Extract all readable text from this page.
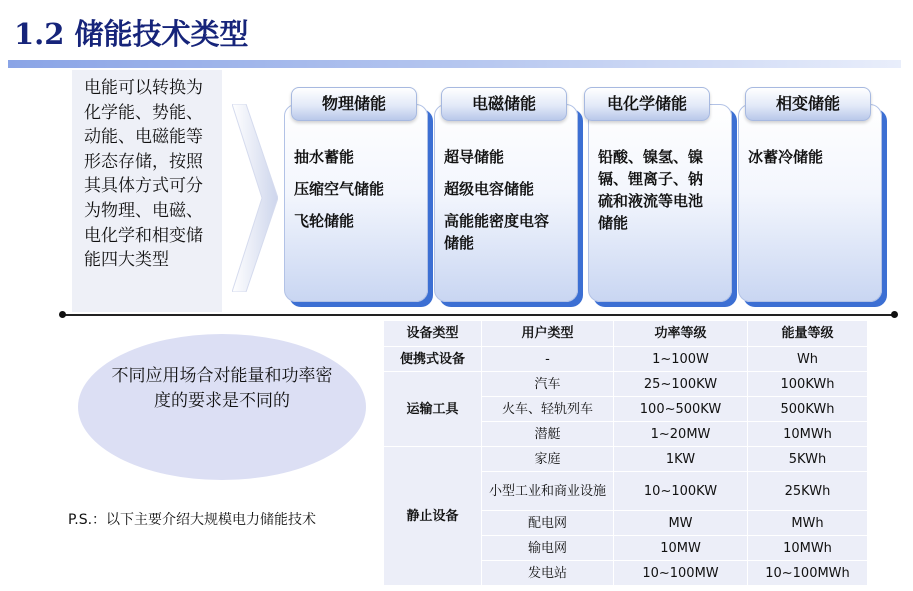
1.2 储能技术类型
电能可以转换为化学能、势能、动能、电磁能等形态存储，按照其具体方式可分为物理、电磁、电化学和相变储能四大类型
物理储能
抽水蓄能
压缩空气储能
飞轮储能
电磁储能
超导储能
超级电容储能
高能能密度电容储能
电化学储能
铅酸、镍氢、镍镉、锂离子、钠硫和液流等电池储能
相变储能
冰蓄冷储能
不同应用场合对能量和功率密度的要求是不同的
P.S.：以下主要介绍大规模电力储能技术
设备类型	用户类型	功率等级	能量等级
便携式设备	-	1~100W	Wh
运输工具	汽车	25~100KW	100KWh
	火车、轻轨列车	100~500KW	500KWh
	潜艇	1~20MW	10MWh
静止设备	家庭	1KW	5KWh
	小型工业和商业设施	10~100KW	25KWh
	配电网	MW	MWh
	输电网	10MW	10MWh
	发电站	10~100MW	10~100MWh
